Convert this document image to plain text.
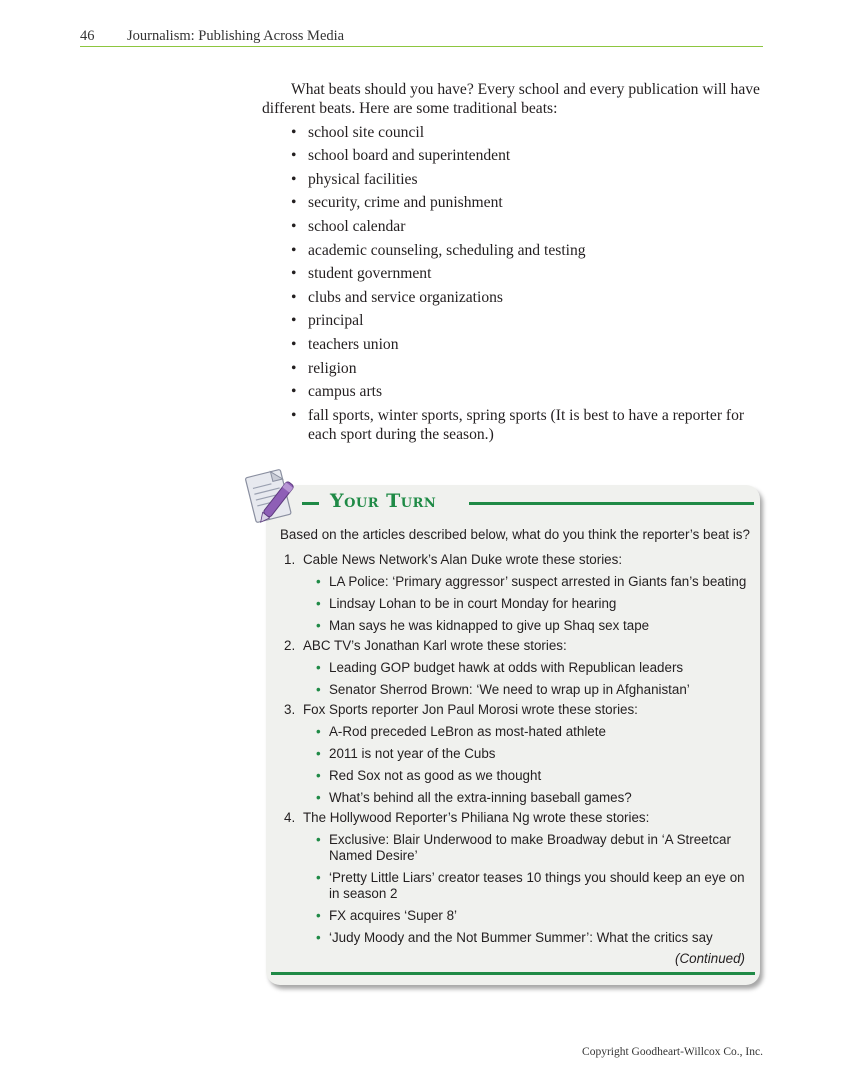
46 Journalism: Publishing Across Media

What beats should you have? Every school and every publication will have different beats. Here are some traditional beats:

• school site council
• school board and superintendent
• physical facilities
• security, crime and punishment
• school calendar
• academic counseling, scheduling and testing
• student government
• clubs and service organizations
• principal
• teachers union
• religion
• campus arts
• fall sports, winter sports, spring sports (It is best to have a reporter for each sport during the season.)
Your Turn

Based on the articles described below, what do you think the reporter’s beat is?

1. Cable News Network’s Alan Duke wrote these stories:
• LA Police: ‘Primary aggressor’ suspect arrested in Giants fan’s beating
• Lindsay Lohan to be in court Monday for hearing
• Man says he was kidnapped to give up Shaq sex tape
2. ABC TV’s Jonathan Karl wrote these stories:
• Leading GOP budget hawk at odds with Republican leaders
• Senator Sherrod Brown: ‘We need to wrap up in Afghanistan’
3. Fox Sports reporter Jon Paul Morosi wrote these stories:
• A-Rod preceded LeBron as most-hated athlete
• 2011 is not year of the Cubs
• Red Sox not as good as we thought
• What’s behind all the extra-inning baseball games?
4. The Hollywood Reporter’s Philiana Ng wrote these stories:
• Exclusive: Blair Underwood to make Broadway debut in ‘A Streetcar Named Desire’
• ‘Pretty Little Liars’ creator teases 10 things you should keep an eye on in season 2
• FX acquires ‘Super 8’
• ‘Judy Moody and the Not Bummer Summer’: What the critics say
(Continued)
Copyright Goodheart-Willcox Co., Inc.
